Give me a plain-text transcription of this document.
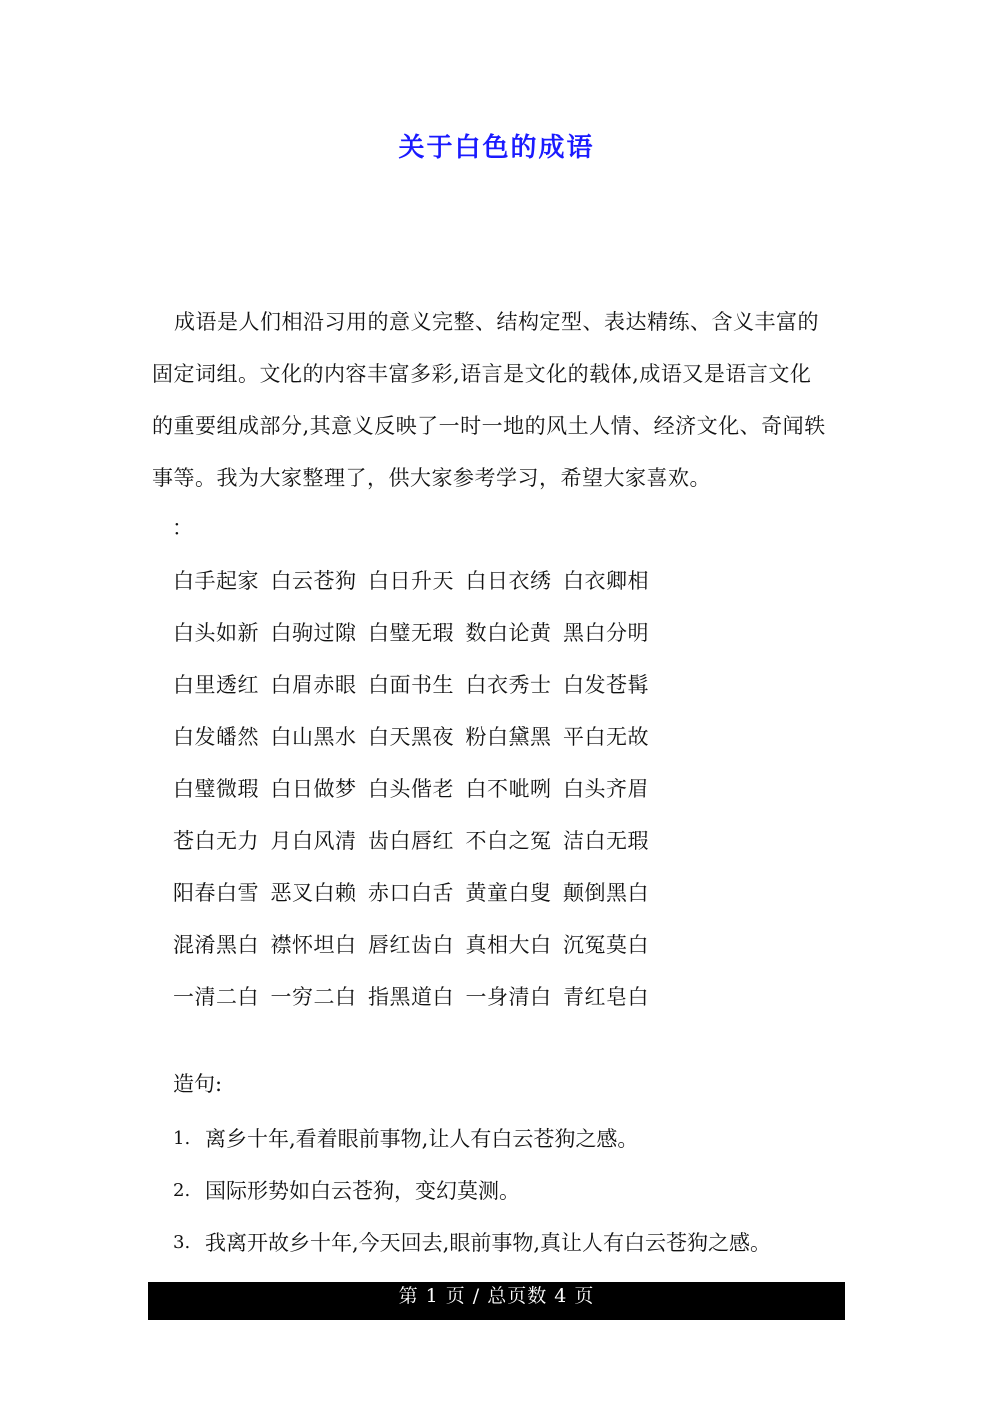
关于白色的成语
成语是人们相沿习用的意义完整、结构定型、表达精练、含义丰富的
固定词组。文化的内容丰富多彩,语言是文化的载体,成语又是语言文化
的重要组成部分,其意义反映了一时一地的风土人情、经济文化、奇闻轶
事等。我为大家整理了，供大家参考学习，希望大家喜欢。
：
白手起家 白云苍狗 白日升天 白日衣绣 白衣卿相
白头如新 白驹过隙 白璧无瑕 数白论黄 黑白分明
白里透红 白眉赤眼 白面书生 白衣秀士 白发苍髯
白发皤然 白山黑水 白天黑夜 粉白黛黑 平白无故
白璧微瑕 白日做梦 白头偕老 白不呲咧 白头齐眉
苍白无力 月白风清 齿白唇红 不白之冤 洁白无瑕
阳春白雪 恶叉白赖 赤口白舌 黄童白叟 颠倒黑白
混淆黑白 襟怀坦白 唇红齿白 真相大白 沉冤莫白
一清二白 一穷二白 指黑道白 一身清白 青红皂白
造句:
1. 离乡十年,看着眼前事物,让人有白云苍狗之感。
2. 国际形势如白云苍狗，变幻莫测。
3. 我离开故乡十年,今天回去,眼前事物,真让人有白云苍狗之感。
第 1 页 / 总页数 4 页
